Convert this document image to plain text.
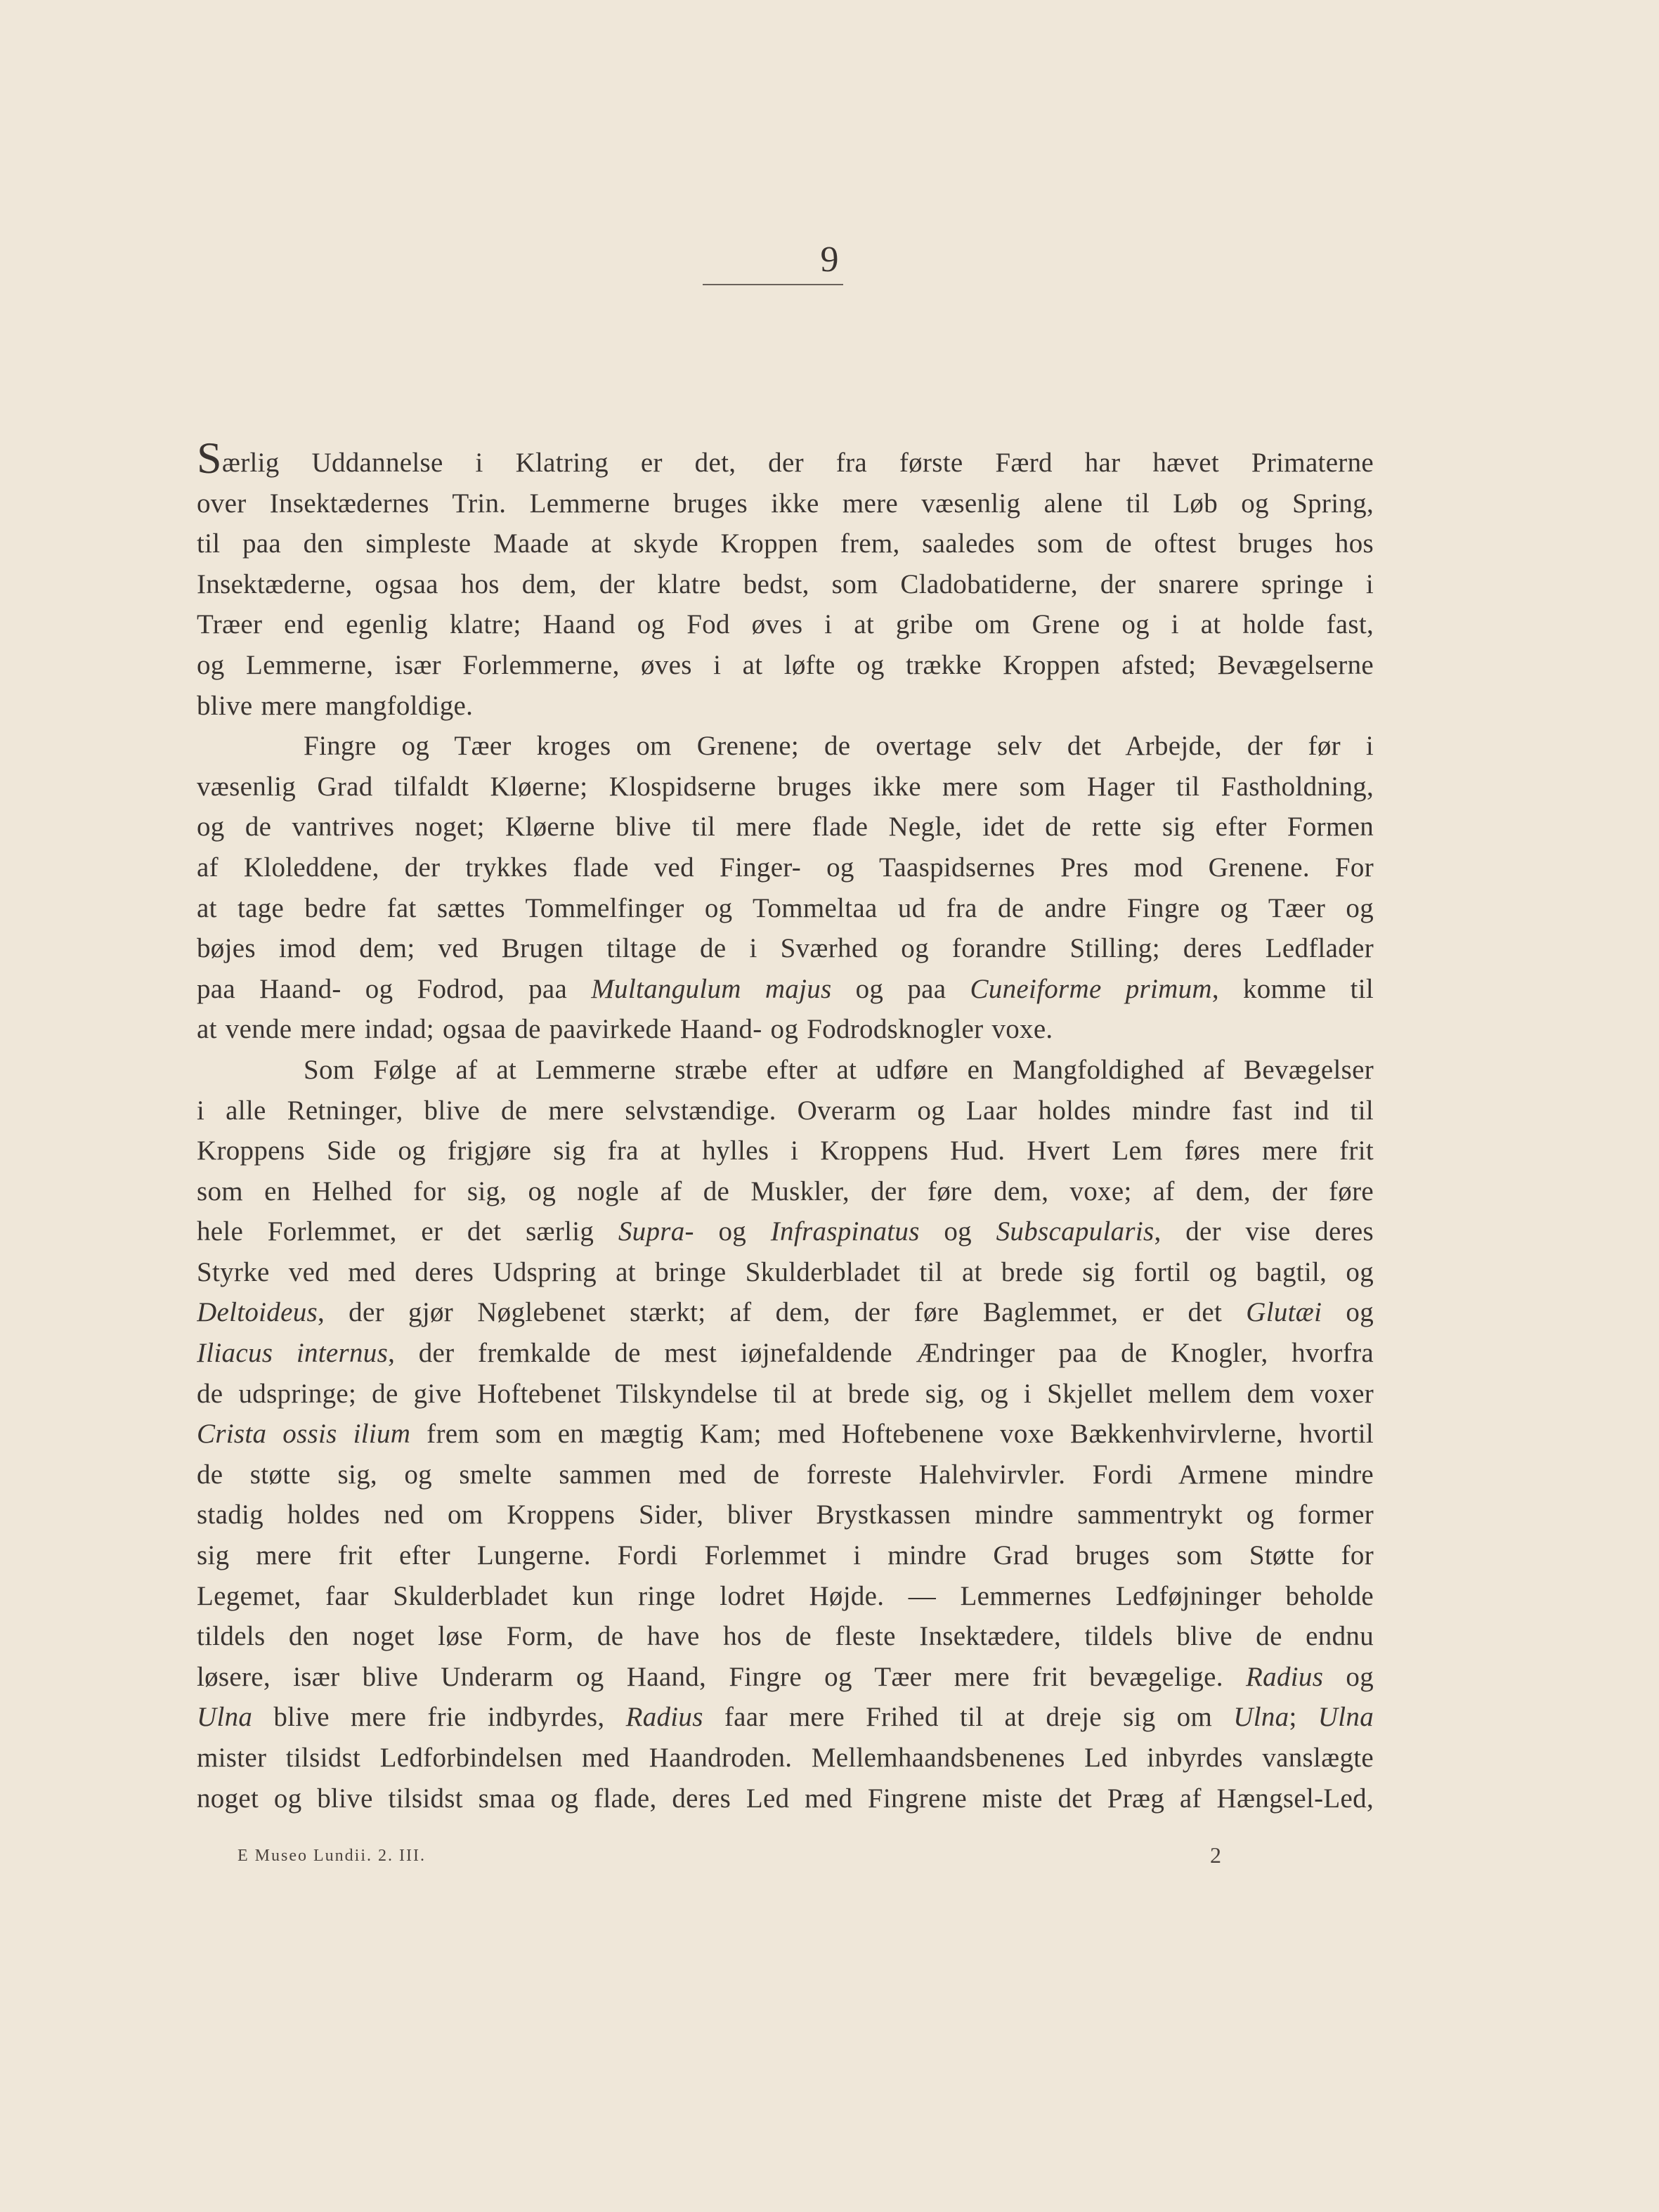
9
Særlig Uddannelse i Klatring er det, der fra første Færd har hævet Primaterne
over Insektædernes Trin. Lemmerne bruges ikke mere væsenlig alene til Løb og Spring,
til paa den simpleste Maade at skyde Kroppen frem, saaledes som de oftest bruges hos
Insektæderne, ogsaa hos dem, der klatre bedst, som Cladobatiderne, der snarere springe i
Træer end egenlig klatre; Haand og Fod øves i at gribe om Grene og i at holde fast,
og Lemmerne, især Forlemmerne, øves i at løfte og trække Kroppen afsted; Bevægelserne
blive mere mangfoldige.
Fingre og Tæer kroges om Grenene; de overtage selv det Arbejde, der før i
væsenlig Grad tilfaldt Kløerne; Klospidserne bruges ikke mere som Hager til Fastholdning,
og de vantrives noget; Kløerne blive til mere flade Negle, idet de rette sig efter Formen
af Kloleddene, der trykkes flade ved Finger- og Taaspidsernes Pres mod Grenene. For
at tage bedre fat sættes Tommelfinger og Tommeltaa ud fra de andre Fingre og Tæer og
bøjes imod dem; ved Brugen tiltage de i Sværhed og forandre Stilling; deres Ledflader
paa Haand- og Fodrod, paa Multangulum majus og paa Cuneiforme primum, komme til
at vende mere indad; ogsaa de paavirkede Haand- og Fodrodsknogler voxe.
Som Følge af at Lemmerne stræbe efter at udføre en Mangfoldighed af Bevægelser
i alle Retninger, blive de mere selvstændige. Overarm og Laar holdes mindre fast ind til
Kroppens Side og frigjøre sig fra at hylles i Kroppens Hud. Hvert Lem føres mere frit
som en Helhed for sig, og nogle af de Muskler, der føre dem, voxe; af dem, der føre
hele Forlemmet, er det særlig Supra- og Infraspinatus og Subscapularis, der vise deres
Styrke ved med deres Udspring at bringe Skulderbladet til at brede sig fortil og bagtil, og
Deltoideus, der gjør Nøglebenet stærkt; af dem, der føre Baglemmet, er det Glutæi og
Iliacus internus, der fremkalde de mest iøjnefaldende Ændringer paa de Knogler, hvorfra
de udspringe; de give Hoftebenet Tilskyndelse til at brede sig, og i Skjellet mellem dem voxer
Crista ossis ilium frem som en mægtig Kam; med Hoftebenene voxe Bækkenhvirvlerne, hvortil
de støtte sig, og smelte sammen med de forreste Halehvirvler. Fordi Armene mindre
stadig holdes ned om Kroppens Sider, bliver Brystkassen mindre sammentrykt og former
sig mere frit efter Lungerne. Fordi Forlemmet i mindre Grad bruges som Støtte for
Legemet, faar Skulderbladet kun ringe lodret Højde. — Lemmernes Ledføjninger beholde
tildels den noget løse Form, de have hos de fleste Insektædere, tildels blive de endnu
løsere, især blive Underarm og Haand, Fingre og Tæer mere frit bevægelige. Radius og
Ulna blive mere frie indbyrdes, Radius faar mere Frihed til at dreje sig om Ulna; Ulna
mister tilsidst Ledforbindelsen med Haandroden. Mellemhaandsbenenes Led inbyrdes vanslægte
noget og blive tilsidst smaa og flade, deres Led med Fingrene miste det Præg af Hængsel-Led,
E Museo Lundii. 2. III.	2
